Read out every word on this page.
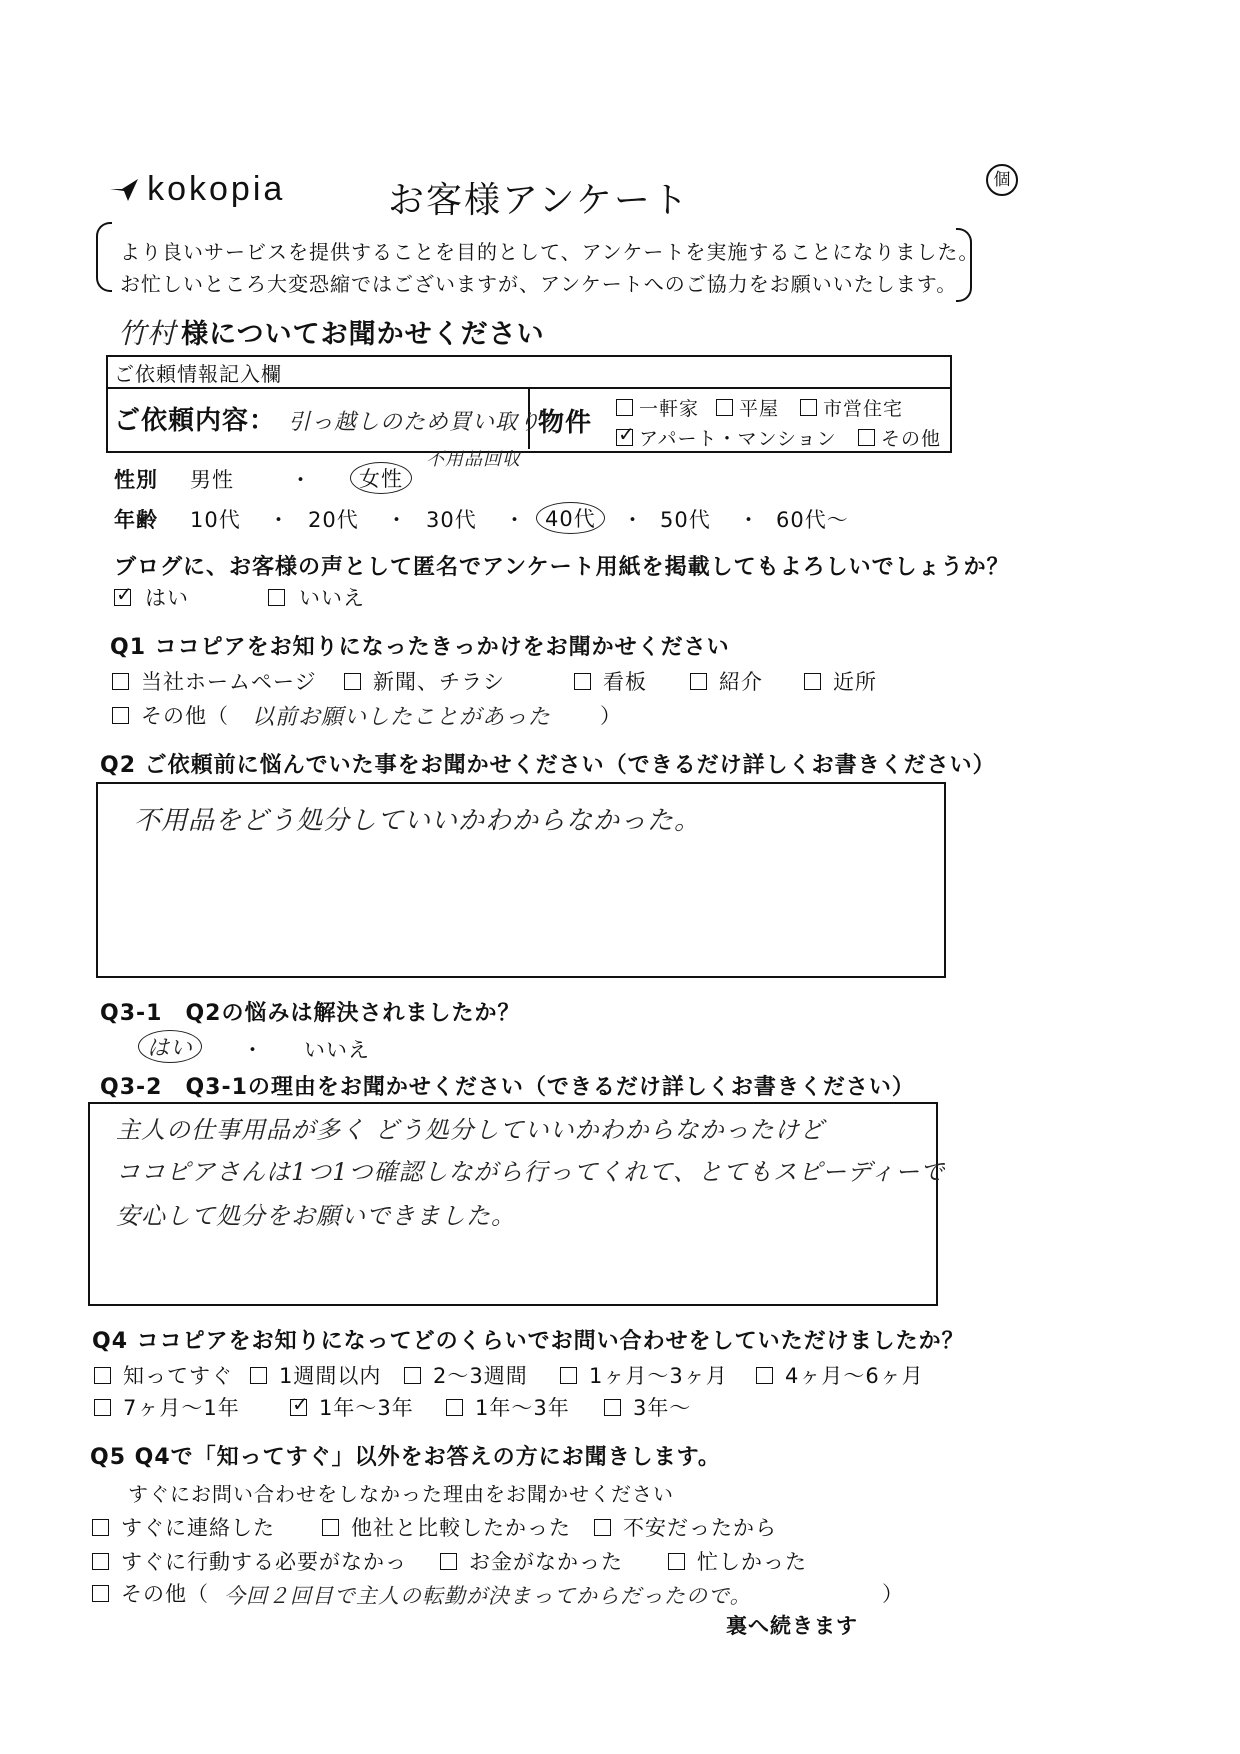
kokopia	お客様アンケート	個
より良いサービスを提供することを目的として、アンケートを実施することになりました。
お忙しいところ大変恐縮ではございますが、アンケートへのご協力をお願いいたします。
竹村 様についてお聞かせください
ご依頼情報記入欄
ご依頼内容： 引っ越しのため買い取り
不用品回収
物件	一軒家	平屋	市営住宅
✓アパート・マンション	その他
性別 男性	・	女性
年齢 10代 ・ 20代 ・ 30代 ・ 40代	・ 50代 ・ 60代～
ブログに、お客様の声として匿名でアンケート用紙を掲載してもよろしいでしょうか？
✓はい	いいえ
Q1 ココピアをお知りになったきっかけをお聞かせください
当社ホームページ	新聞、チラシ	看板	紹介	近所
その他（ 以前お願いしたことがあった ）
Q2 ご依頼前に悩んでいた事をお聞かせください（できるだけ詳しくお書きください）
不用品をどう処分していいかわからなかった。
Q3-1　Q2の悩みは解決されましたか？
はい	・ いいえ
Q3-2　Q3-1の理由をお聞かせください（できるだけ詳しくお書きください）
主人の仕事用品が多く どう処分していいかわからなかったけど
ココピアさんは1つ1つ確認しながら行ってくれて、とてもスピーディーで
安心して処分をお願いできました。
Q4 ココピアをお知りになってどのくらいでお問い合わせをしていただけましたか？
知ってすぐ	1週間以内	2～3週間	1ヶ月～3ヶ月	4ヶ月～6ヶ月
7ヶ月～1年
✓	1年～3年	1年～3年	3年～
Q5 Q4で「知ってすぐ」以外をお答えの方にお聞きします。
すぐにお問い合わせをしなかった理由をお聞かせください
すぐに連絡した	他社と比較したかった	不安だったから
すぐに行動する必要がなかっ	お金がなかった	忙しかった
その他（ 今回２回目で主人の転勤が決まってからだったので。	）
裏へ続きます
